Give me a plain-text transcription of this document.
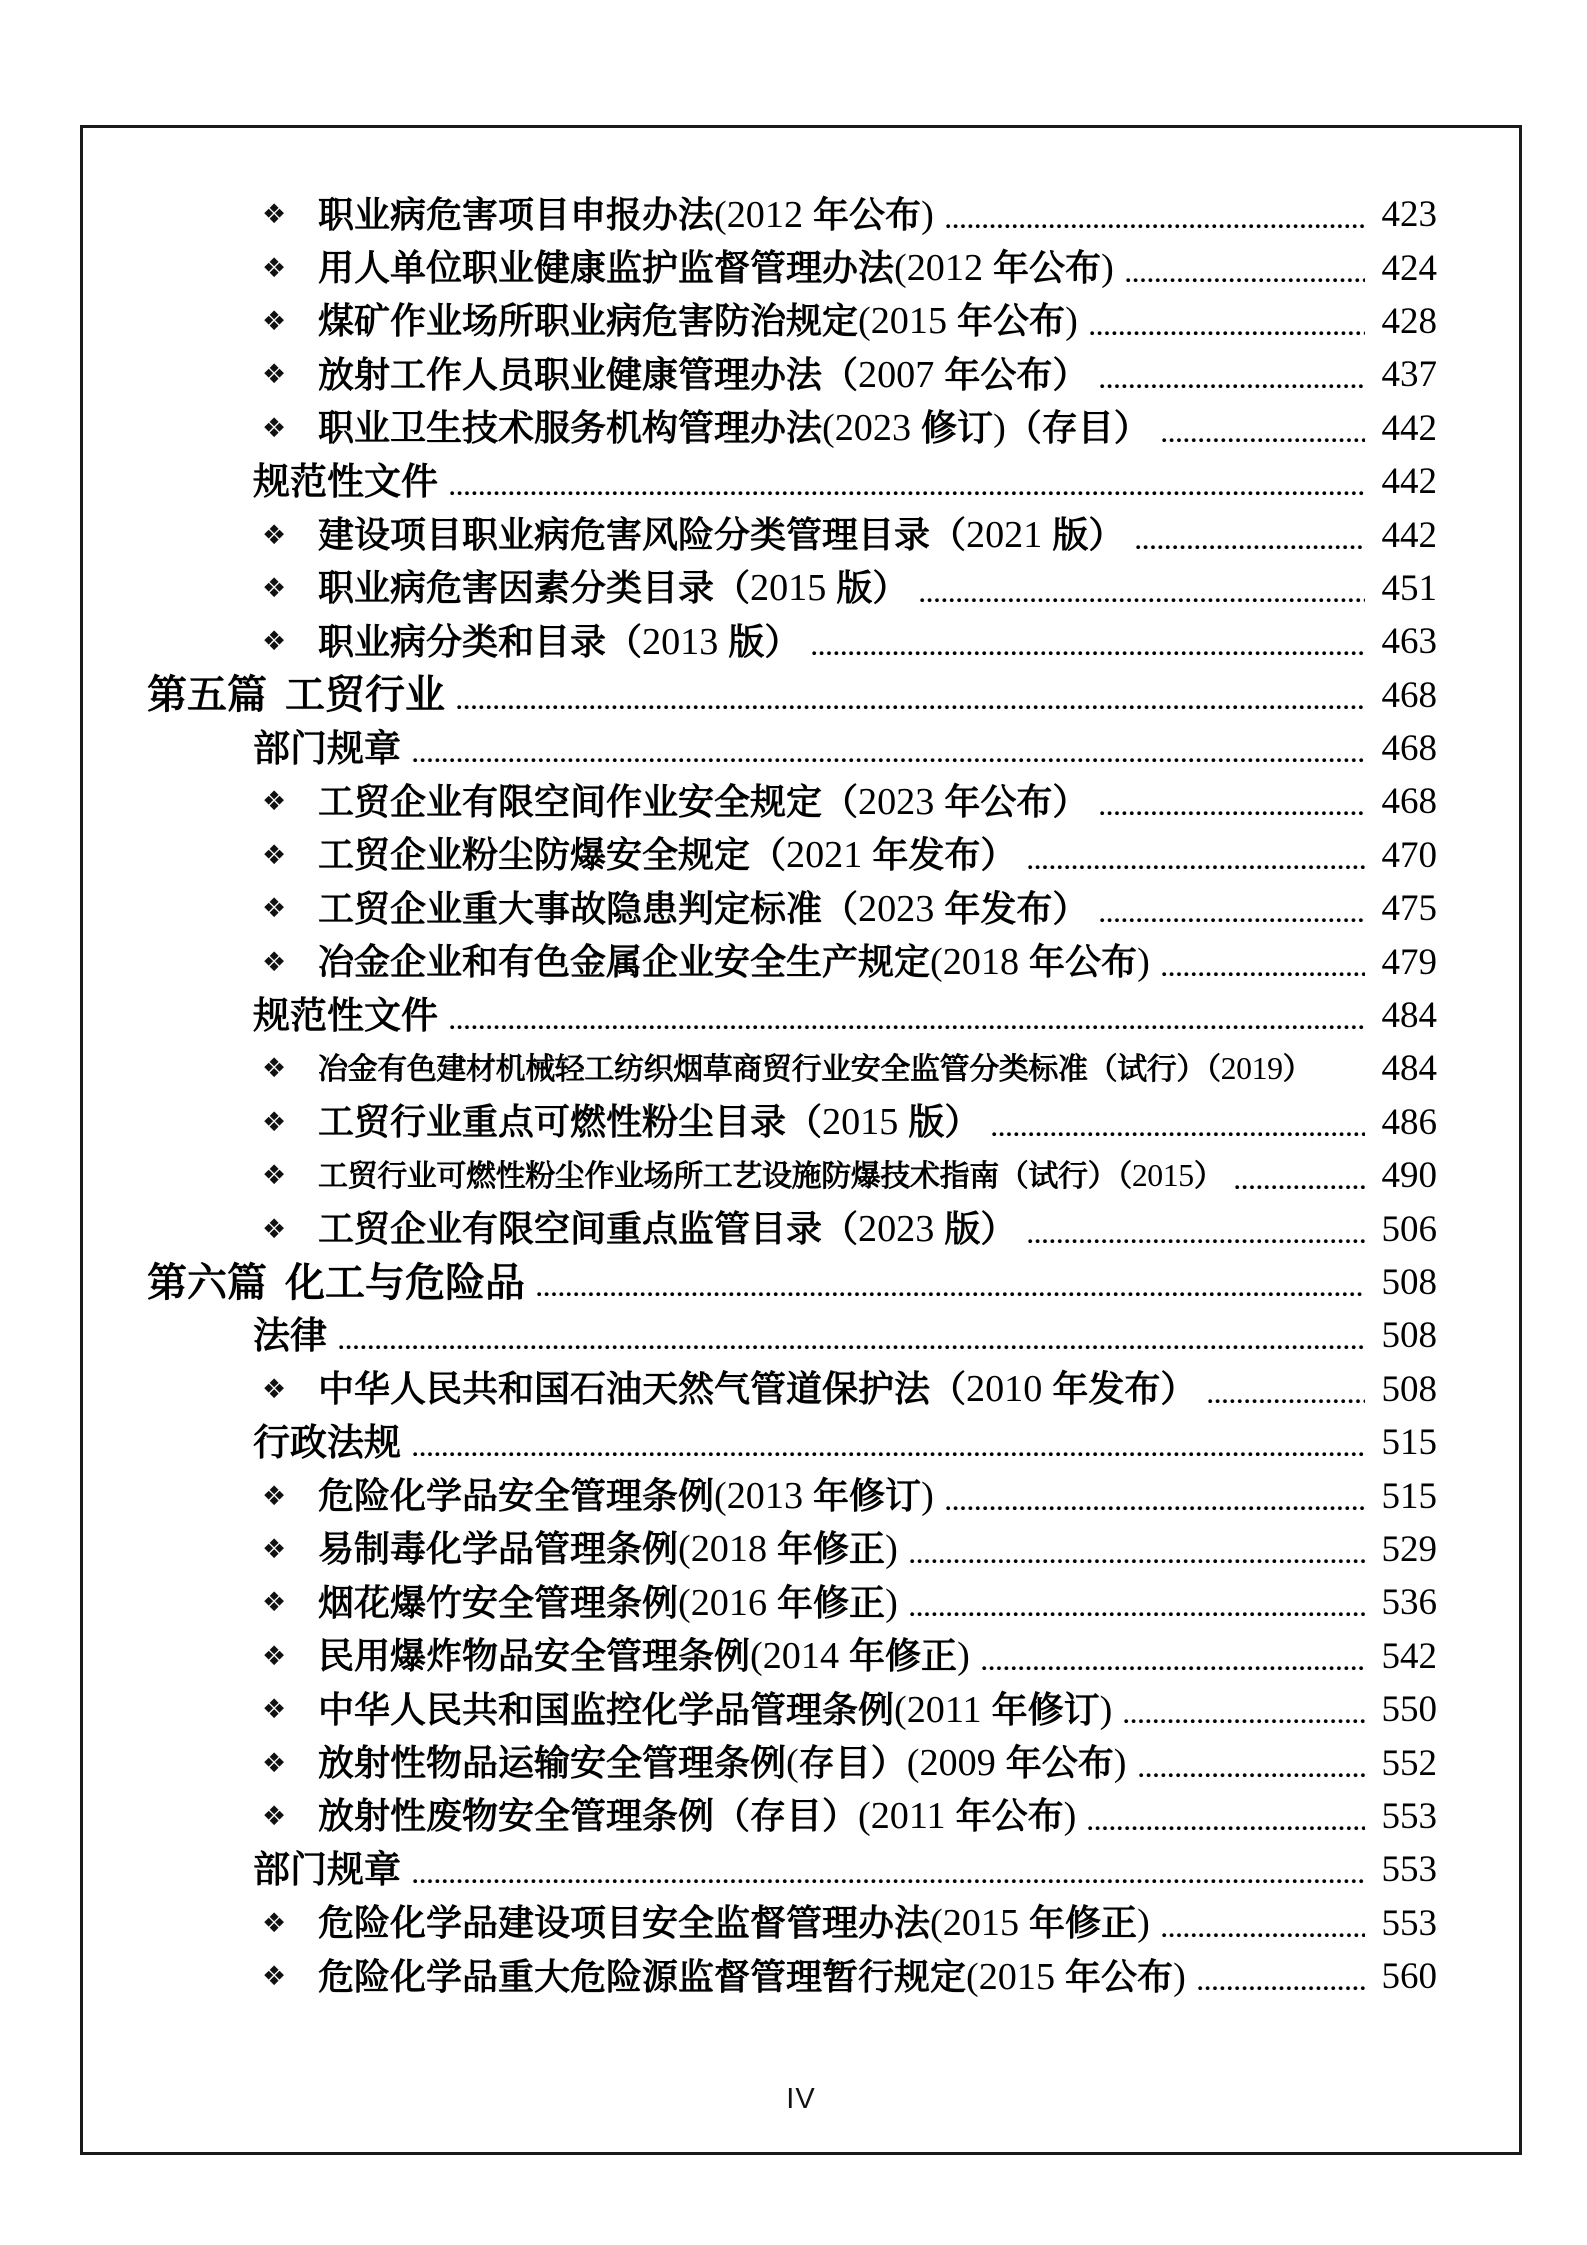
❖ 职业病危害项目申报办法(2012 年公布)	423
❖ 用人单位职业健康监护监督管理办法(2012 年公布)	424
❖ 煤矿作业场所职业病危害防治规定(2015 年公布)	428
❖ 放射工作人员职业健康管理办法（2007 年公布）	437
❖ 职业卫生技术服务机构管理办法(2023 修订)（存目）	442
规范性文件	442
❖ 建设项目职业病危害风险分类管理目录（2021 版）	442
❖ 职业病危害因素分类目录（2015 版）	451
❖ 职业病分类和目录（2013 版）	463
第五篇 工贸行业	468
部门规章	468
❖ 工贸企业有限空间作业安全规定（2023 年公布）	468
❖ 工贸企业粉尘防爆安全规定（2021 年发布）	470
❖ 工贸企业重大事故隐患判定标准（2023 年发布）	475
❖ 冶金企业和有色金属企业安全生产规定(2018 年公布)	479
规范性文件	484
❖	冶金有色建材机械轻工纺织烟草商贸行业安全监管分类标准（试行）（2019） 484
❖ 工贸行业重点可燃性粉尘目录（2015 版）	486
❖	工贸行业可燃性粉尘作业场所工艺设施防爆技术指南（试行）（2015）	490
❖ 工贸企业有限空间重点监管目录（2023 版）	506
第六篇 化工与危险品	508
法律	508
❖ 中华人民共和国石油天然气管道保护法（2010 年发布）	508
行政法规	515
❖ 危险化学品安全管理条例(2013 年修订)	515
❖ 易制毒化学品管理条例(2018 年修正)	529
❖ 烟花爆竹安全管理条例(2016 年修正)	536
❖ 民用爆炸物品安全管理条例(2014 年修正)	542
❖ 中华人民共和国监控化学品管理条例(2011 年修订)	550
❖ 放射性物品运输安全管理条例(存目）(2009 年公布)	552
❖ 放射性废物安全管理条例（存目）(2011 年公布)	553
部门规章	553
❖ 危险化学品建设项目安全监督管理办法(2015 年修正)	553
❖ 危险化学品重大危险源监督管理暂行规定(2015 年公布)	560
IV
